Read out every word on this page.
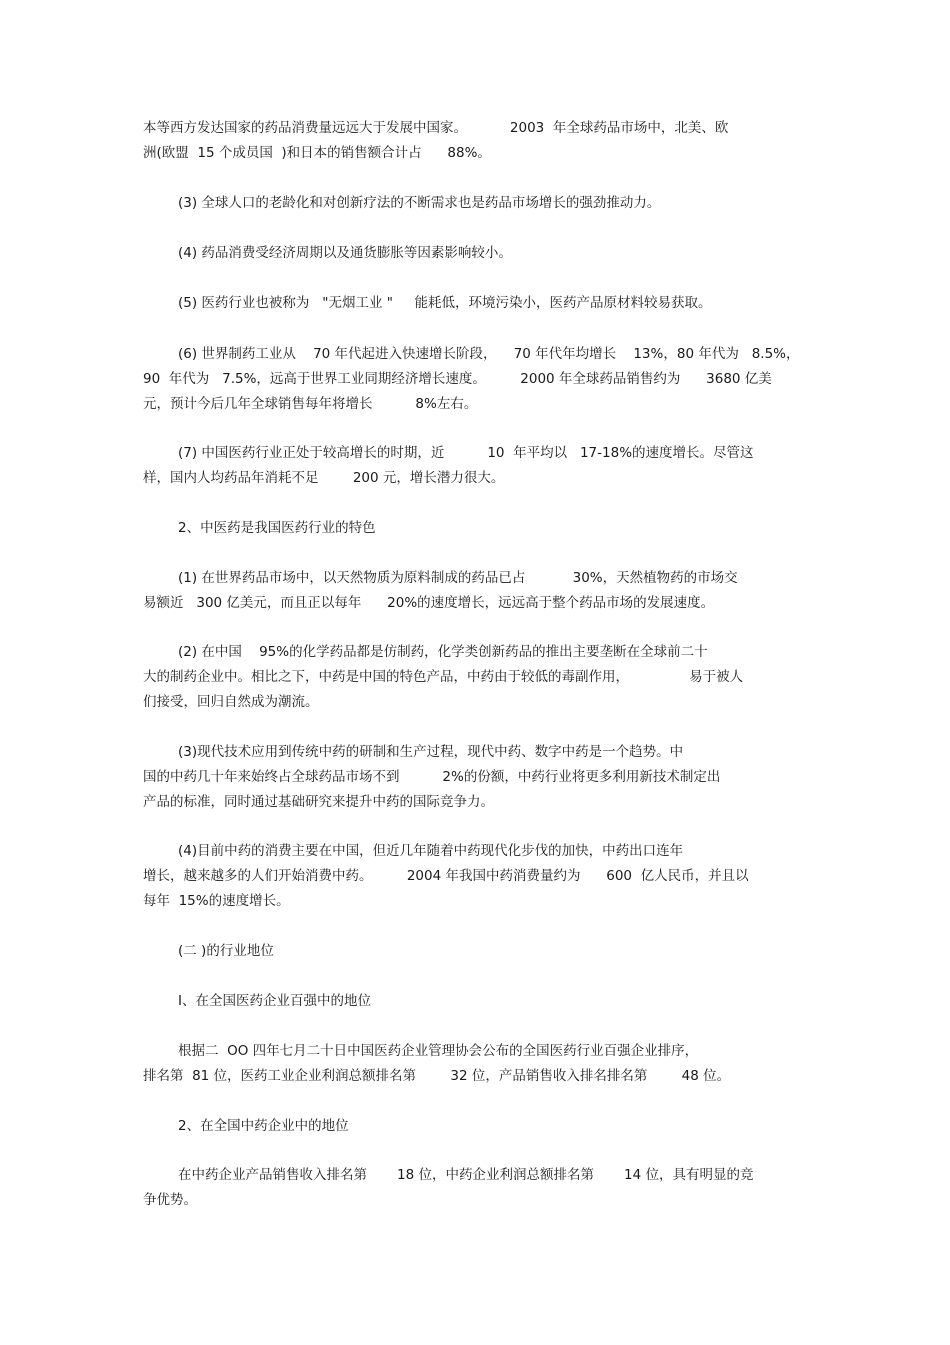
本等西方发达国家的药品消费量远远大于发展中国家。          2003  年全球药品市场中，北美、欧
洲(欧盟  15 个成员国  )和日本的销售额合计占      88%。
(3) 全球人口的老龄化和对创新疗法的不断需求也是药品市场增长的强劲推动力。
(4) 药品消费受经济周期以及通货膨胀等因素影响较小。
(5) 医药行业也被称为   "无烟工业 "     能耗低，环境污染小，医药产品原材料较易获取。
(6) 世界制药工业从    70 年代起进入快速增长阶段，    70 年代年均增长    13%，80 年代为   8.5%，
90  年代为   7.5%，远高于世界工业同期经济增长速度。        2000 年全球药品销售约为      3680 亿美
元，预计今后几年全球销售每年将增长          8%左右。
(7) 中国医药行业正处于较高增长的时期，近          10  年平均以   17-18%的速度增长。尽管这
样，国内人均药品年消耗不足        200 元，增长潜力很大。
2、中医药是我国医药行业的特色
(1) 在世界药品市场中，以天然物质为原料制成的药品已占           30%，天然植物药的市场交
易额近   300 亿美元，而且正以每年      20%的速度增长，远远高于整个药品市场的发展速度。
(2) 在中国    95%的化学药品都是仿制药，化学类创新药品的推出主要垄断在全球前二十
大的制药企业中。相比之下，中药是中国的特色产品，中药由于较低的毒副作用，              易于被人
们接受，回归自然成为潮流。
(3)现代技术应用到传统中药的研制和生产过程，现代中药、数字中药是一个趋势。中
国的中药几十年来始终占全球药品市场不到          2%的份额，中药行业将更多利用新技术制定出
产品的标准，同时通过基础研究来提升中药的国际竞争力。
(4)目前中药的消费主要在中国，但近几年随着中药现代化步伐的加快，中药出口连年
增长，越来越多的人们开始消费中药。        2004 年我国中药消费量约为      600  亿人民币，并且以
每年  15%的速度增长。
(二 )的行业地位
I、在全国医药企业百强中的地位
根据二  OO 四年七月二十日中国医药企业管理协会公布的全国医药行业百强企业排序，
排名第  81 位，医药工业企业利润总额排名第        32 位，产品销售收入排名排名第        48 位。
2、在全国中药企业中的地位
在中药企业产品销售收入排名第       18 位，中药企业利润总额排名第       14 位，具有明显的竞
争优势。
